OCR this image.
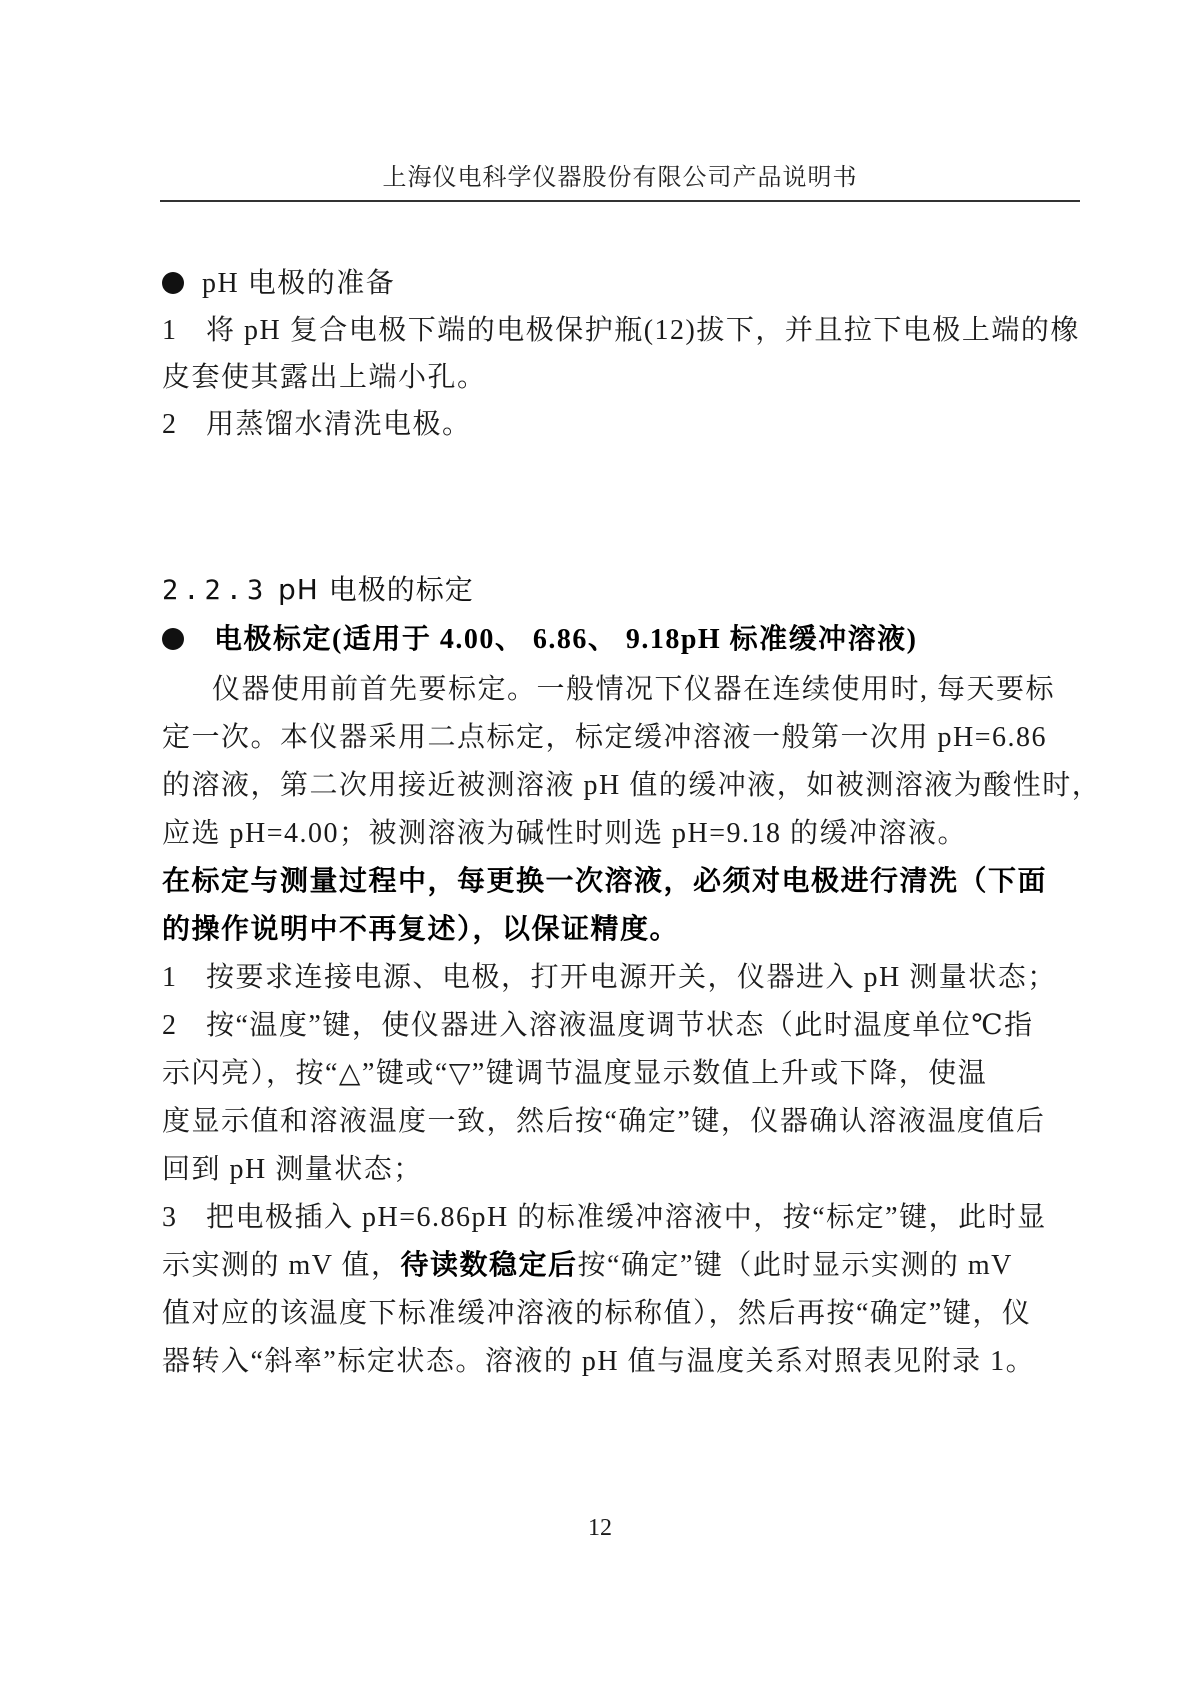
上海仪电科学仪器股份有限公司产品说明书
pH 电极的准备
1 将 pH 复合电极下端的电极保护瓶(12)拔下，并且拉下电极上端的橡
皮套使其露出上端小孔。
2 用蒸馏水清洗电极。
2.2.3 pH 电极的标定
电极标定(适用于 4.00、 6.86、 9.18pH 标准缓冲溶液)
仪器使用前首先要标定。一般情况下仪器在连续使用时, 每天要标
定一次。本仪器采用二点标定，标定缓冲溶液一般第一次用 pH=6.86
的溶液，第二次用接近被测溶液 pH 值的缓冲液，如被测溶液为酸性时，
应选 pH=4.00；被测溶液为碱性时则选 pH=9.18 的缓冲溶液。
在标定与测量过程中，每更换一次溶液，必须对电极进行清洗（下面
的操作说明中不再复述），以保证精度。
1 按要求连接电源、电极，打开电源开关，仪器进入 pH 测量状态；
2 按“温度”键，使仪器进入溶液温度调节状态（此时温度单位℃指
示闪亮），按“△”键或“▽”键调节温度显示数值上升或下降，使温
度显示值和溶液温度一致，然后按“确定”键，仪器确认溶液温度值后
回到 pH 测量状态；
3 把电极插入 pH=6.86pH 的标准缓冲溶液中，按“标定”键，此时显
示实测的 mV 值，待读数稳定后按“确定”键（此时显示实测的 mV
值对应的该温度下标准缓冲溶液的标称值），然后再按“确定”键，仪
器转入“斜率”标定状态。溶液的 pH 值与温度关系对照表见附录 1。
12
